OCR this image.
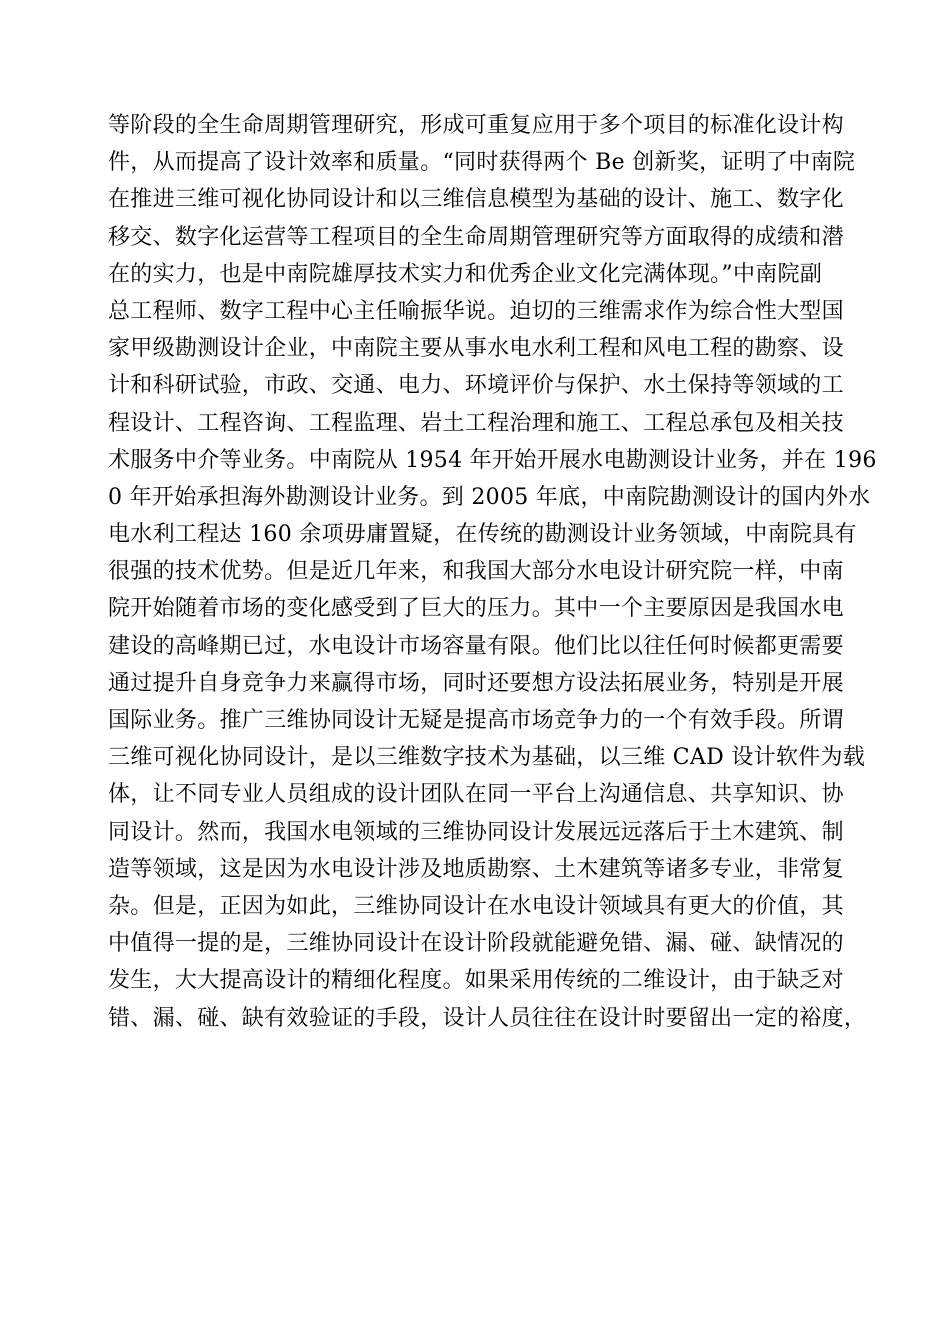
等阶段的全生命周期管理研究，形成可重复应用于多个项目的标准化设计构
件，从而提高了设计效率和质量。“同时获得两个 Be 创新奖，证明了中南院
在推进三维可视化协同设计和以三维信息模型为基础的设计、施工、数字化
移交、数字化运营等工程项目的全生命周期管理研究等方面取得的成绩和潜
在的实力，也是中南院雄厚技术实力和优秀企业文化完满体现。”中南院副
总工程师、数字工程中心主任喻振华说。迫切的三维需求作为综合性大型国
家甲级勘测设计企业，中南院主要从事水电水利工程和风电工程的勘察、设
计和科研试验，市政、交通、电力、环境评价与保护、水土保持等领域的工
程设计、工程咨询、工程监理、岩土工程治理和施工、工程总承包及相关技
术服务中介等业务。中南院从 1954 年开始开展水电勘测设计业务，并在 196
0 年开始承担海外勘测设计业务。到 2005 年底，中南院勘测设计的国内外水
电水利工程达 160 余项毋庸置疑，在传统的勘测设计业务领域，中南院具有
很强的技术优势。但是近几年来，和我国大部分水电设计研究院一样，中南
院开始随着市场的变化感受到了巨大的压力。其中一个主要原因是我国水电
建设的高峰期已过，水电设计市场容量有限。他们比以往任何时候都更需要
通过提升自身竞争力来赢得市场，同时还要想方设法拓展业务，特别是开展
国际业务。推广三维协同设计无疑是提高市场竞争力的一个有效手段。所谓
三维可视化协同设计，是以三维数字技术为基础，以三维 CAD 设计软件为载
体，让不同专业人员组成的设计团队在同一平台上沟通信息、共享知识、协
同设计。然而，我国水电领域的三维协同设计发展远远落后于土木建筑、制
造等领域，这是因为水电设计涉及地质勘察、土木建筑等诸多专业，非常复
杂。但是，正因为如此，三维协同设计在水电设计领域具有更大的价值，其
中值得一提的是，三维协同设计在设计阶段就能避免错、漏、碰、缺情况的
发生，大大提高设计的精细化程度。如果采用传统的二维设计，由于缺乏对
错、漏、碰、缺有效验证的手段，设计人员往往在设计时要留出一定的裕度，
